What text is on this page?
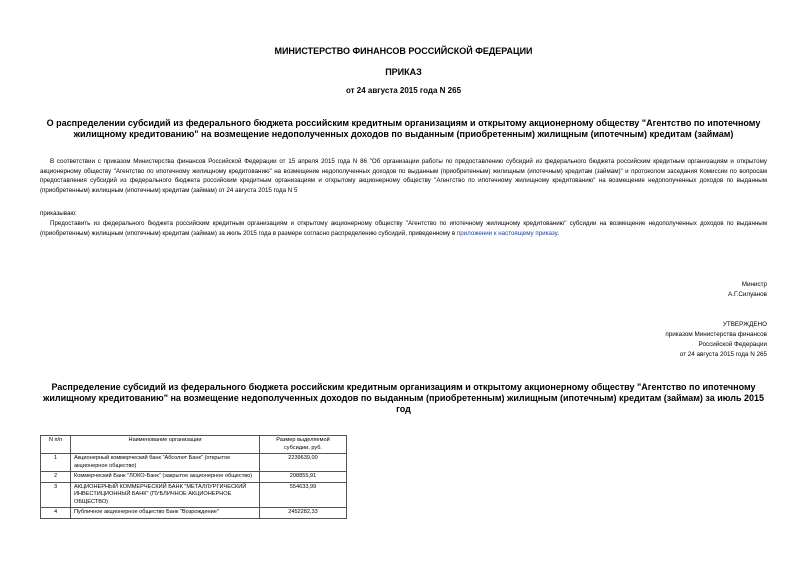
МИНИСТЕРСТВО ФИНАНСОВ РОССИЙСКОЙ ФЕДЕРАЦИИ
ПРИКАЗ
от 24 августа 2015 года N 265
О распределении субсидий из федерального бюджета российским кредитным организациям и открытому акционерному обществу "Агентство по ипотечному жилищному кредитованию" на возмещение недополученных доходов по выданным (приобретенным) жилищным (ипотечным) кредитам (займам)
В соответствии с приказом Министерства финансов Российской Федерации от 15 апреля 2015 года N 86 "Об организации работы по предоставлению субсидий из федерального бюджета российским кредитным организациям и открытому акционерному обществу "Агентство по ипотечному жилищному кредитованию" на возмещение недополученных доходов по выданным (приобретенным) жилищным (ипотечным) кредитам (займам)" и протоколом заседания Комиссии по вопросам предоставления субсидий из федерального бюджета российским кредитным организациям и открытому акционерному обществу "Агентство по ипотечному жилищному кредитованию" на возмещение недополученных доходов по выданным (приобретенным) жилищным (ипотечным) кредитам (займам) от 24 августа 2015 года N 5
приказываю:
Предоставить из федерального бюджета российским кредитным организациям и открытому акционерному обществу "Агентство по ипотечному жилищному кредитованию" субсидии на возмещение недополученных доходов по выданным (приобретенным) жилищным (ипотечным) кредитам (займам) за июль 2015 года в размере согласно распределению субсидий, приведенному в приложении к настоящему приказу.
Министр
А.Г.Силуанов
УТВЕРЖДЕНО
приказом Министерства финансов
Российской Федерации
от 24 августа 2015 года N 265
Распределение субсидий из федерального бюджета российским кредитным организациям и открытому акционерному обществу "Агентство по ипотечному жилищному кредитованию" на возмещение недополученных доходов по выданным (приобретенным) жилищным (ипотечным) кредитам (займам) за июль 2015 год
N п/п	Наименование организации	Размер выделяемой субсидии, руб.
1	Акционерный коммерческий банк "Абсолют Банк" (открытое акционерное общество)	2239639,00
2	Коммерческий Банк "ЛОКО-Банк" (закрытое акционерное общество)	208855,91
3	АКЦИОНЕРНЫЙ КОММЕРЧЕСКИЙ БАНК "МЕТАЛЛУРГИЧЕСКИЙ ИНВЕСТИЦИОННЫЙ БАНК" (ПУБЛИЧНОЕ АКЦИОНЕРНОЕ ОБЩЕСТВО)	554633,99
4	Публичное акционерное общество Банк "Возрождение"	2452282,33
